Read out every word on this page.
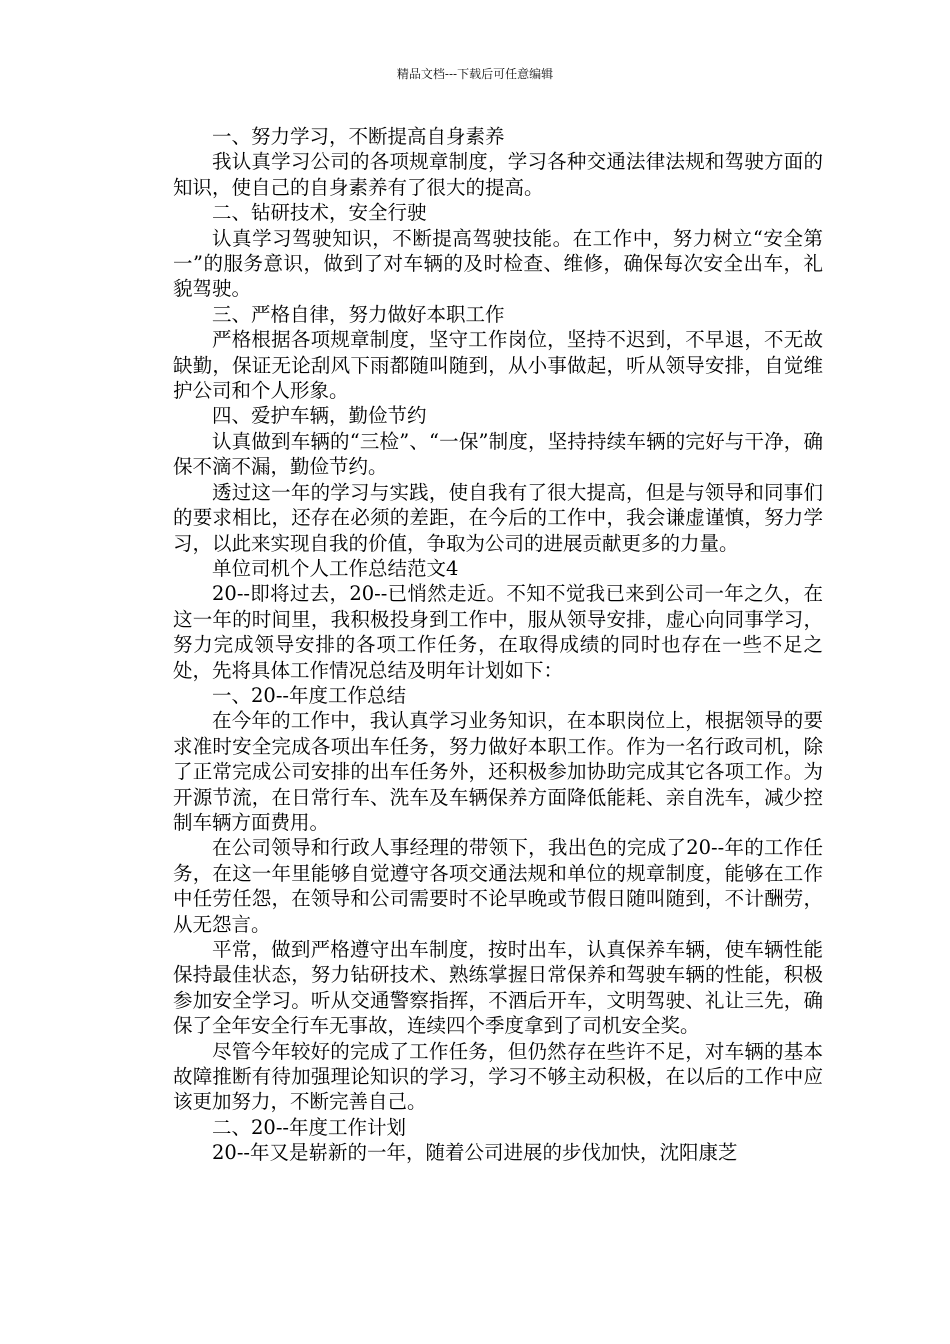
精品文档---下载后可任意编辑

一、努力学习，不断提高自身素养

我认真学习公司的各项规章制度，学习各种交通法律法规和驾驶方面的知识，使自己的自身素养有了很大的提高。

二、钻研技术，安全行驶

认真学习驾驶知识，不断提高驾驶技能。在工作中，努力树立“安全第一”的服务意识，做到了对车辆的及时检查、维修，确保每次安全出车，礼貌驾驶。

三、严格自律，努力做好本职工作

严格根据各项规章制度，坚守工作岗位，坚持不迟到，不早退，不无故缺勤，保证无论刮风下雨都随叫随到，从小事做起，听从领导安排，自觉维护公司和个人形象。

四、爱护车辆，勤俭节约

认真做到车辆的“三检”、“一保”制度，坚持持续车辆的完好与干净，确保不滴不漏，勤俭节约。

透过这一年的学习与实践，使自我有了很大提高，但是与领导和同事们的要求相比，还存在必须的差距，在今后的工作中，我会谦虚谨慎，努力学习，以此来实现自我的价值，争取为公司的进展贡献更多的力量。

单位司机个人工作总结范文4

20--即将过去，20--已悄然走近。不知不觉我已来到公司一年之久，在这一年的时间里，我积极投身到工作中，服从领导安排，虚心向同事学习，努力完成领导安排的各项工作任务，在取得成绩的同时也存在一些不足之处，先将具体工作情况总结及明年计划如下：

一、20--年度工作总结

在今年的工作中，我认真学习业务知识，在本职岗位上，根据领导的要求准时安全完成各项出车任务，努力做好本职工作。作为一名行政司机，除了正常完成公司安排的出车任务外，还积极参加协助完成其它各项工作。为开源节流，在日常行车、洗车及车辆保养方面降低能耗、亲自洗车，减少控制车辆方面费用。

在公司领导和行政人事经理的带领下，我出色的完成了20--年的工作任务，在这一年里能够自觉遵守各项交通法规和单位的规章制度，能够在工作中任劳任怨，在领导和公司需要时不论早晚或节假日随叫随到，不计酬劳，从无怨言。

平常，做到严格遵守出车制度，按时出车，认真保养车辆，使车辆性能保持最佳状态，努力钻研技术、熟练掌握日常保养和驾驶车辆的性能，积极参加安全学习。听从交通警察指挥，不酒后开车，文明驾驶、礼让三先，确保了全年安全行车无事故，连续四个季度拿到了司机安全奖。

尽管今年较好的完成了工作任务，但仍然存在些许不足，对车辆的基本故障推断有待加强理论知识的学习，学习不够主动积极，在以后的工作中应该更加努力，不断完善自己。

二、20--年度工作计划

20--年又是崭新的一年，随着公司进展的步伐加快，沈阳康芝
